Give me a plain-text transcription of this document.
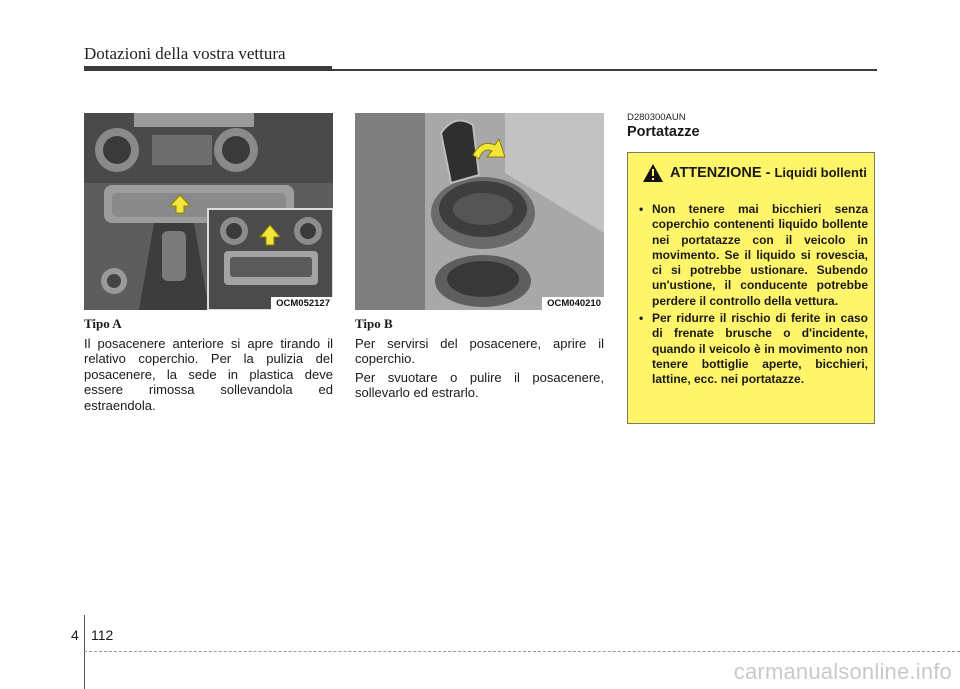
Dotazioni della vostra vettura
OCM052127	OCM040210
Tipo A

Il posacenere anteriore si apre tirando il relativo coperchio. Per la pulizia del posacenere, la sede in plastica deve essere rimossa sollevandola ed estraendola.

Tipo B

Per servirsi del posacenere, aprire il coperchio.

Per svuotare o pulire il posacenere, sollevarlo ed estrarlo.

D280300AUN
Portatazze
ATTENZIONE - Liquidi bollenti
• Non tenere mai bicchieri senza coperchio contenenti liquido bollente nei portatazze con il veicolo in movimento. Se il liquido si rovescia, ci si potrebbe ustionare. Subendo un'ustione, il conducente potrebbe perdere il controllo della vettura.
• Per ridurre il rischio di ferite in caso di frenate brusche o d'incidente, quando il veicolo è in movimento non tenere bottiglie aperte, bicchieri, lattine, ecc. nei portatazze.
4 112
carmanualsonline.info
